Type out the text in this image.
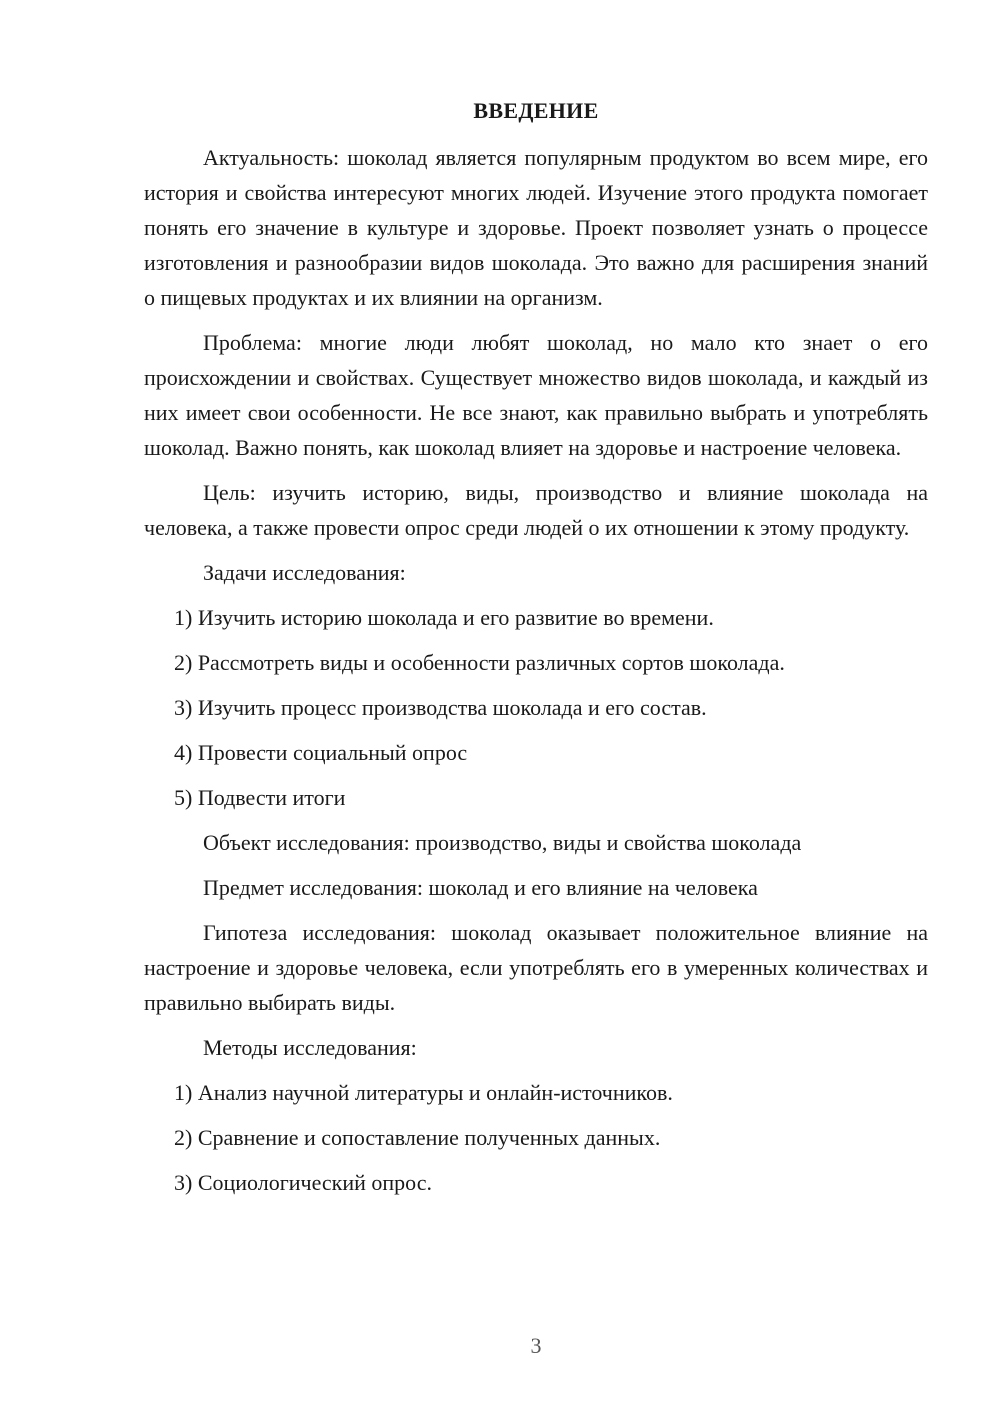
ВВЕДЕНИЕ

Актуальность: шоколад является популярным продуктом во всем мире, его история и свойства интересуют многих людей. Изучение этого продукта помогает понять его значение в культуре и здоровье. Проект позволяет узнать о процессе изготовления и разнообразии видов шоколада. Это важно для расширения знаний о пищевых продуктах и их влиянии на организм.

Проблема: многие люди любят шоколад, но мало кто знает о его происхождении и свойствах. Существует множество видов шоколада, и каждый из них имеет свои особенности. Не все знают, как правильно выбрать и употреблять шоколад. Важно понять, как шоколад влияет на здоровье и настроение человека.

Цель: изучить историю, виды, производство и влияние шоколада на человека, а также провести опрос среди людей о их отношении к этому продукту.

Задачи исследования:

1) Изучить историю шоколада и его развитие во времени.

2) Рассмотреть виды и особенности различных сортов шоколада.

3) Изучить процесс производства шоколада и его состав.

4) Провести социальный опрос

5) Подвести итоги

Объект исследования: производство, виды и свойства шоколада

Предмет исследования: шоколад и его влияние на человека

Гипотеза исследования: шоколад оказывает положительное влияние на настроение и здоровье человека, если употреблять его в умеренных количествах и правильно выбирать виды.

Методы исследования:

1) Анализ научной литературы и онлайн-источников.

2) Сравнение и сопоставление полученных данных.

3) Социологический опрос.

3
